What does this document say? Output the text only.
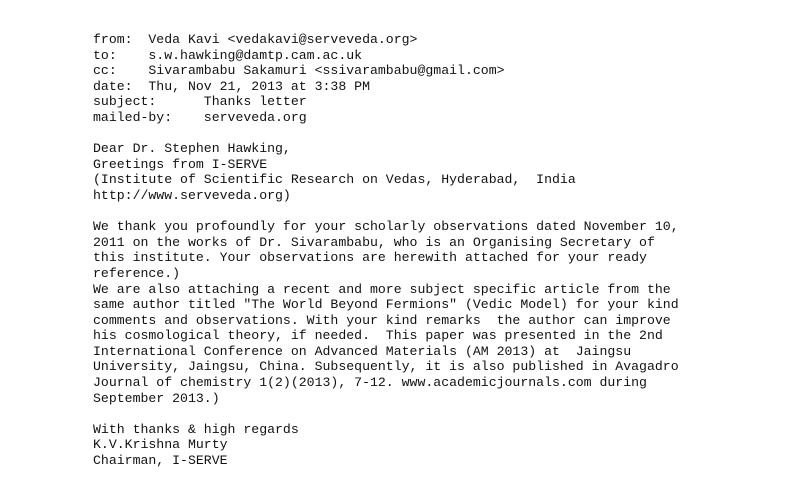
from:  Veda Kavi <vedakavi@serveveda.org>
to:    s.w.hawking@damtp.cam.ac.uk
cc:    Sivarambabu Sakamuri <ssivarambabu@gmail.com>
date:  Thu, Nov 21, 2013 at 3:38 PM
subject:      Thanks letter
mailed-by:    serveveda.org
Dear Dr. Stephen Hawking,
Greetings from I-SERVE
(Institute of Scientific Research on Vedas, Hyderabad,  India
http://www.serveveda.org)
We thank you profoundly for your scholarly observations dated November 10,
2011 on the works of Dr. Sivarambabu, who is an Organising Secretary of
this institute. Your observations are herewith attached for your ready
reference.)
We are also attaching a recent and more subject specific article from the
same author titled "The World Beyond Fermions" (Vedic Model) for your kind
comments and observations. With your kind remarks  the author can improve
his cosmological theory, if needed.  This paper was presented in the 2nd
International Conference on Advanced Materials (AM 2013) at  Jaingsu
University, Jaingsu, China. Subsequently, it is also published in Avagadro
Journal of chemistry 1(2)(2013), 7-12. www.academicjournals.com during
September 2013.)
With thanks & high regards
K.V.Krishna Murty
Chairman, I-SERVE
